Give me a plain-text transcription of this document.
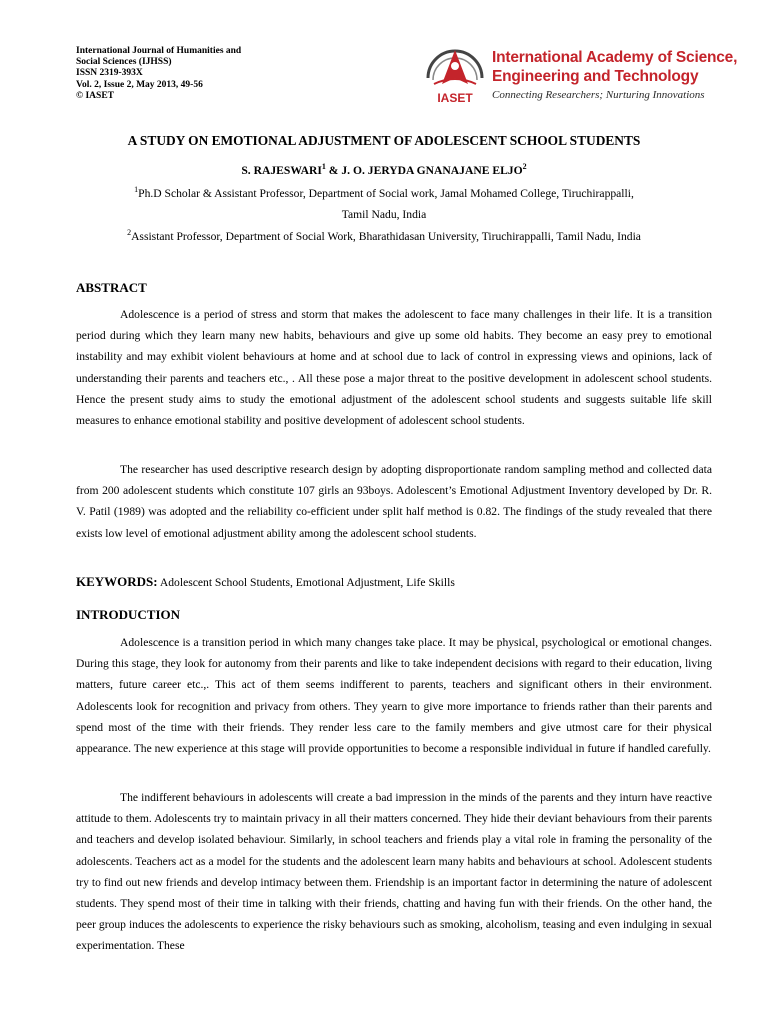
International Journal of Humanities and
Social Sciences (IJHSS)
ISSN 2319-393X
Vol. 2, Issue 2, May 2013, 49-56
© IASET	IASET
International Academy of Science,
Engineering and Technology
Connecting Researchers; Nurturing Innovations
A STUDY ON EMOTIONAL ADJUSTMENT OF ADOLESCENT SCHOOL STUDENTS
S. RAJESWARI$^1$ & J. O. JERYDA GNANAJANE ELJO$^2$
$^1$Ph.D Scholar & Assistant Professor, Department of Social work, Jamal Mohamed College, Tiruchirappalli,
Tamil Nadu, India
$^2$Assistant Professor, Department of Social Work, Bharathidasan University, Tiruchirappalli, Tamil Nadu, India
ABSTRACT
Adolescence is a period of stress and storm that makes the adolescent to face many challenges in their life. It is a transition period during which they learn many new habits, behaviours and give up some old habits. They become an easy prey to emotional instability and may exhibit violent behaviours at home and at school due to lack of control in expressing views and opinions, lack of understanding their parents and teachers etc., . All these pose a major threat to the positive development in adolescent school students. Hence the present study aims to study the emotional adjustment of the adolescent school students and suggests suitable life skill measures to enhance emotional stability and positive development of adolescent school students.
The researcher has used descriptive research design by adopting disproportionate random sampling method and collected data from 200 adolescent students which constitute 107 girls an 93boys. Adolescent’s Emotional Adjustment Inventory developed by Dr. R. V. Patil (1989) was adopted and the reliability co-efficient under split half method is 0.82. The findings of the study revealed that there exists low level of emotional adjustment ability among the adolescent school students.
KEYWORDS: Adolescent School Students, Emotional Adjustment, Life Skills
INTRODUCTION
Adolescence is a transition period in which many changes take place. It may be physical, psychological or emotional changes. During this stage, they look for autonomy from their parents and like to take independent decisions with regard to their education, living matters, future career etc.,. This act of them seems indifferent to parents, teachers and significant others in their environment. Adolescents look for recognition and privacy from others. They yearn to give more importance to friends rather than their parents and spend most of the time with their friends. They render less care to the family members and give utmost care for their physical appearance. The new experience at this stage will provide opportunities to become a responsible individual in future if handled carefully.
The indifferent behaviours in adolescents will create a bad impression in the minds of the parents and they inturn have reactive attitude to them. Adolescents try to maintain privacy in all their matters concerned. They hide their deviant behaviours from their parents and teachers and develop isolated behaviour. Similarly, in school teachers and friends play a vital role in framing the personality of the adolescents. Teachers act as a model for the students and the adolescent learn many habits and behaviours at school. Adolescent students try to find out new friends and develop intimacy between them. Friendship is an important factor in determining the nature of adolescent students. They spend most of their time in talking with their friends, chatting and having fun with their friends. On the other hand, the peer group induces the adolescents to experience the risky behaviours such as smoking, alcoholism, teasing and even indulging in sexual experimentation. These
